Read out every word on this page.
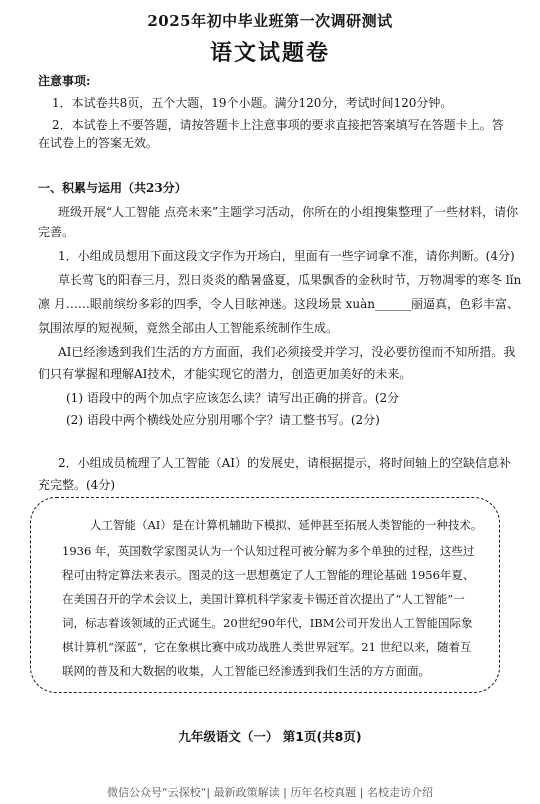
2025年初中毕业班第一次调研测试
语文试题卷
注意事项:
1．本试卷共8页，五个大题，19个小题。满分120分，考试时间120分钟。
2．本试卷上不要答题，请按答题卡上注意事项的要求直接把答案填写在答题卡上。答
在试卷上的答案无效。
一、积累与运用（共23分）
班级开展“人工智能 点亮未来”主题学习活动，你所在的小组搜集整理了一些材料，请你
完善。
1．小组成员想用下面这段文字作为开场白，里面有一些字词拿不准，请你判断。(4分)
草长莺飞的阳春三月，烈日炎炎的酷暑盛夏，瓜果飘香的金秋时节，万物凋零的寒冬 lǐn
凛 月……眼前缤纷多彩的四季，令人目眩神迷。这段场景 xuàn______丽逼真，色彩丰富、
氛围浓厚的短视频，竟然全部由人工智能系统制作生成。
AI已经渗透到我们生活的方方面面，我们必须接受并学习，没必要彷徨而不知所措。我
们只有掌握和理解AI技术，才能实现它的潜力，创造更加美好的未来。
(1) 语段中的两个加点字应该怎么读？请写出正确的拼音。(2分
(2) 语段中两个横线处应分别用哪个字？请工整书写。(2分)
2．小组成员梳理了人工智能（AI）的发展史，请根据提示，将时间轴上的空缺信息补
充完整。(4分)
人工智能（AI）是在计算机辅助下模拟、延伸甚至拓展人类智能的一种技术。
1936 年，英国数学家图灵认为一个认知过程可被分解为多个单独的过程，这些过
程可由特定算法来表示。图灵的这一思想奠定了人工智能的理论基础 1956年夏、
在美国召开的学术会议上，美国计算机科学家麦卡锡还首次提出了“人工智能”一
词，标志着该领域的正式诞生。20世纪90年代，IBM公司开发出人工智能国际象
棋计算机“深蓝”，它在象棋比赛中成功战胜人类世界冠军。21 世纪以来，随着互
联网的普及和大数据的收集，人工智能已经渗透到我们生活的方方面面。
九年级语文（一） 第1页(共8页)
微信公众号“云探校“| 最新政策解读 | 历年名校真题 | 名校走访介绍
